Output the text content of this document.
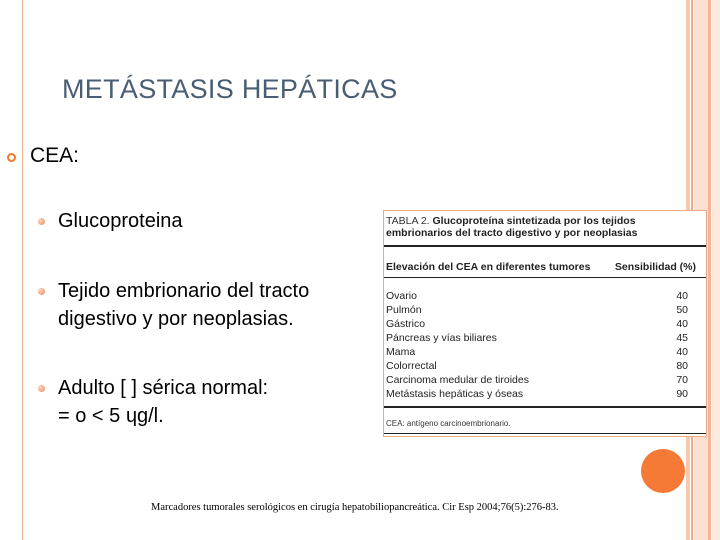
METÁSTASIS HEPÁTICAS
CEA:
Glucoproteina
Tejido embrionario del tracto
digestivo y por neoplasias.
Adulto [ ] sérica normal:
= o < 5 ɥg/l.
TABLA 2. Glucoproteína sintetizada por los tejidos
embrionarios del tracto digestivo y por neoplasias
Elevación del CEA en diferentes tumores Sensibilidad (%)
Ovario	40
Pulmón	50
Gástrico	40
Páncreas y vías biliares	45
Mama	40
Colorrectal	80
Carcinoma medular de tiroides	70
Metástasis hepáticas y óseas	90
CEA: antígeno carcinoembrionario.
Marcadores tumorales serológicos en cirugía hepatobiliopancreática. Cir Esp 2004;76(5):276-83.
